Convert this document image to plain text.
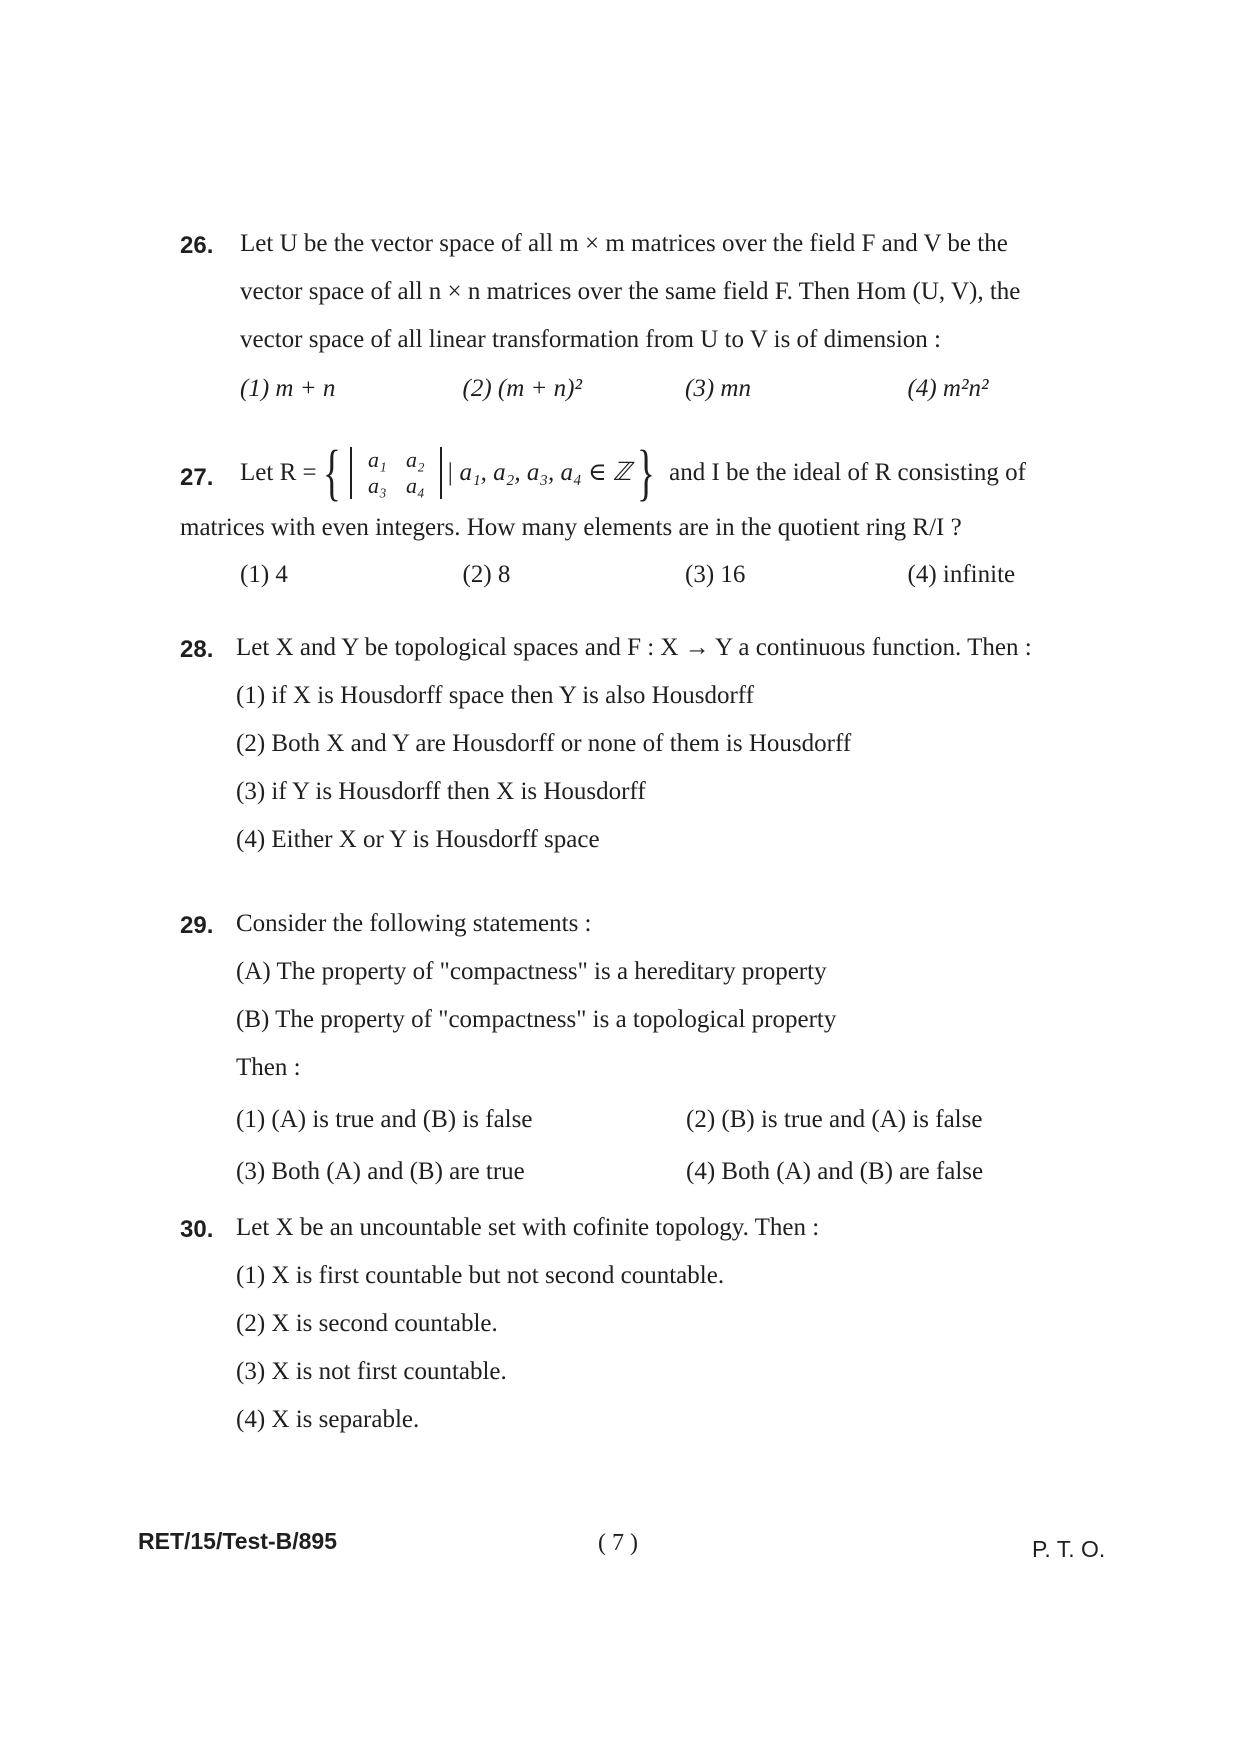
26. Let U be the vector space of all m × m matrices over the field F and V be the

vector space of all n × n matrices over the same field F. Then Hom (U, V), the

vector space of all linear transformation from U to V is of dimension :

(1) m + n	(2) (m + n)²	(3) mn	(4) m²n²
27. Let R = {	a₁ a₂
a₃ a₄ | a₁, a₂, a₃, a₄ ∈ ℤ } and I be the ideal of R consisting of

matrices with even integers. How many elements are in the quotient ring R/I ?

(1) 4	(2) 8	(3) 16	(4) infinite
28. Let X and Y be topological spaces and F : X → Y a continuous function. Then :

(1) if X is Housdorff space then Y is also Housdorff
(2) Both X and Y are Housdorff or none of them is Housdorff
(3) if Y is Housdorff then X is Housdorff
(4) Either X or Y is Housdorff space
29. Consider the following statements :

(A) The property of "compactness" is a hereditary property

(B) The property of "compactness" is a topological property

Then :

(1) (A) is true and (B) is false	(2) (B) is true and (A) is false
(3) Both (A) and (B) are true	(4) Both (A) and (B) are false
30. Let X be an uncountable set with cofinite topology. Then :

(1) X is first countable but not second countable.
(2) X is second countable.
(3) X is not first countable.
(4) X is separable.
RET/15/Test-B/895	( 7 )	P. T. O.
